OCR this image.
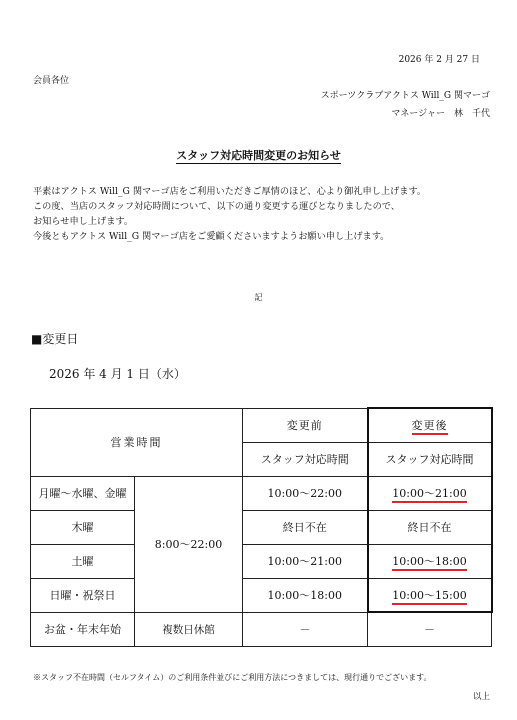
2026 年 2 月 27 日
会員各位
スポーツクラブアクトス Will_G 関マーゴ
マネージャー　林　千代
スタッフ対応時間変更のお知らせ
平素はアクトス Will_G 関マーゴ店をご利用いただきご厚情のほど、心より御礼申し上げます。
この度、当店のスタッフ対応時間について、以下の通り変更する運びとなりましたので、
お知らせ申し上げます。
今後ともアクトス Will_G 関マーゴ店をご愛顧くださいますようお願い申し上げます。
記
■変更日
2026 年 4 月 1 日（水）
営業時間		変更前	変更後
		スタッフ対応時間	スタッフ対応時間
月曜～水曜、金曜	8:00～22:00	10:00～22:00	10:00～21:00
木曜		終日不在	終日不在
土曜		10:00～21:00	10:00～18:00
日曜・祝祭日		10:00～18:00	10:00～15:00
お盆・年末年始	複数日休館	－	－
※スタッフ不在時間（セルフタイム）のご利用条件並びにご利用方法につきましては、現行通りでございます。
以上
